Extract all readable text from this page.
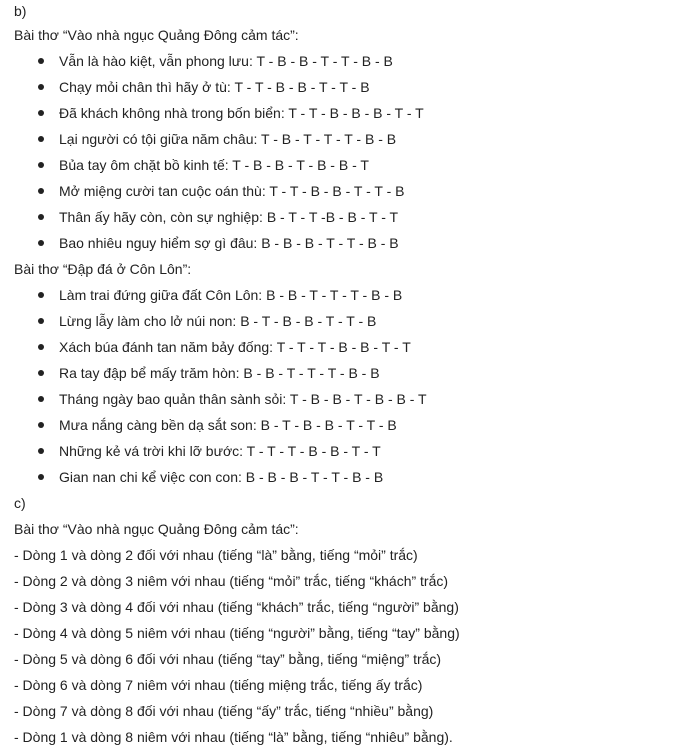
b)
Bài thơ “Vào nhà ngục Quảng Đông cảm tác”:
Vẫn là hào kiệt, vẫn phong lưu: T - B - B - T - T - B - B
Chạy mỏi chân thì hãy ở tù: T - T - B - B - T - T - B
Đã khách không nhà trong bốn biển: T - T - B - B - B - T - T
Lại người có tội giữa năm châu: T - B - T - T - T - B - B
Bủa tay ôm chặt bồ kinh tế: T - B - B - T - B - B - T
Mở miệng cười tan cuộc oán thù: T - T - B - B - T - T - B
Thân ấy hãy còn, còn sự nghiệp: B - T - T -B - B - T - T
Bao nhiêu nguy hiểm sợ gì đâu: B - B - B - T - T - B - B
Bài thơ “Đập đá ở Côn Lôn”:
Làm trai đứng giữa đất Côn Lôn: B - B - T - T - T - B - B
Lừng lẫy làm cho lở núi non: B - T - B - B - T - T - B
Xách búa đánh tan năm bảy đống: T - T - T - B - B - T - T
Ra tay đập bể mấy trăm hòn: B - B - T - T - T - B - B
Tháng ngày bao quản thân sành sỏi: T - B - B - T - B - B - T
Mưa nắng càng bền dạ sắt son: B - T - B - B - T - T - B
Những kẻ vá trời khi lỡ bước: T - T - T - B - B - T - T
Gian nan chi kể việc con con: B - B - B - T - T - B - B
c)
Bài thơ “Vào nhà ngục Quảng Đông cảm tác”:
- Dòng 1 và dòng 2 đối với nhau (tiếng “là” bằng, tiếng “mỏi” trắc)
- Dòng 2 và dòng 3 niêm với nhau (tiếng “mỏi” trắc, tiếng “khách” trắc)
- Dòng 3 và dòng 4 đối với nhau (tiếng “khách” trắc, tiếng “người” bằng)
- Dòng 4 và dòng 5 niêm với nhau (tiếng “người” bằng, tiếng “tay” bằng)
- Dòng 5 và dòng 6 đối với nhau (tiếng “tay” bằng, tiếng “miệng” trắc)
- Dòng 6 và dòng 7 niêm với nhau (tiếng miệng trắc, tiếng ấy trắc)
- Dòng 7 và dòng 8 đối với nhau (tiếng “ấy” trắc, tiếng “nhiều” bằng)
- Dòng 1 và dòng 8 niêm với nhau (tiếng “là” bằng, tiếng “nhiêu” bằng).
